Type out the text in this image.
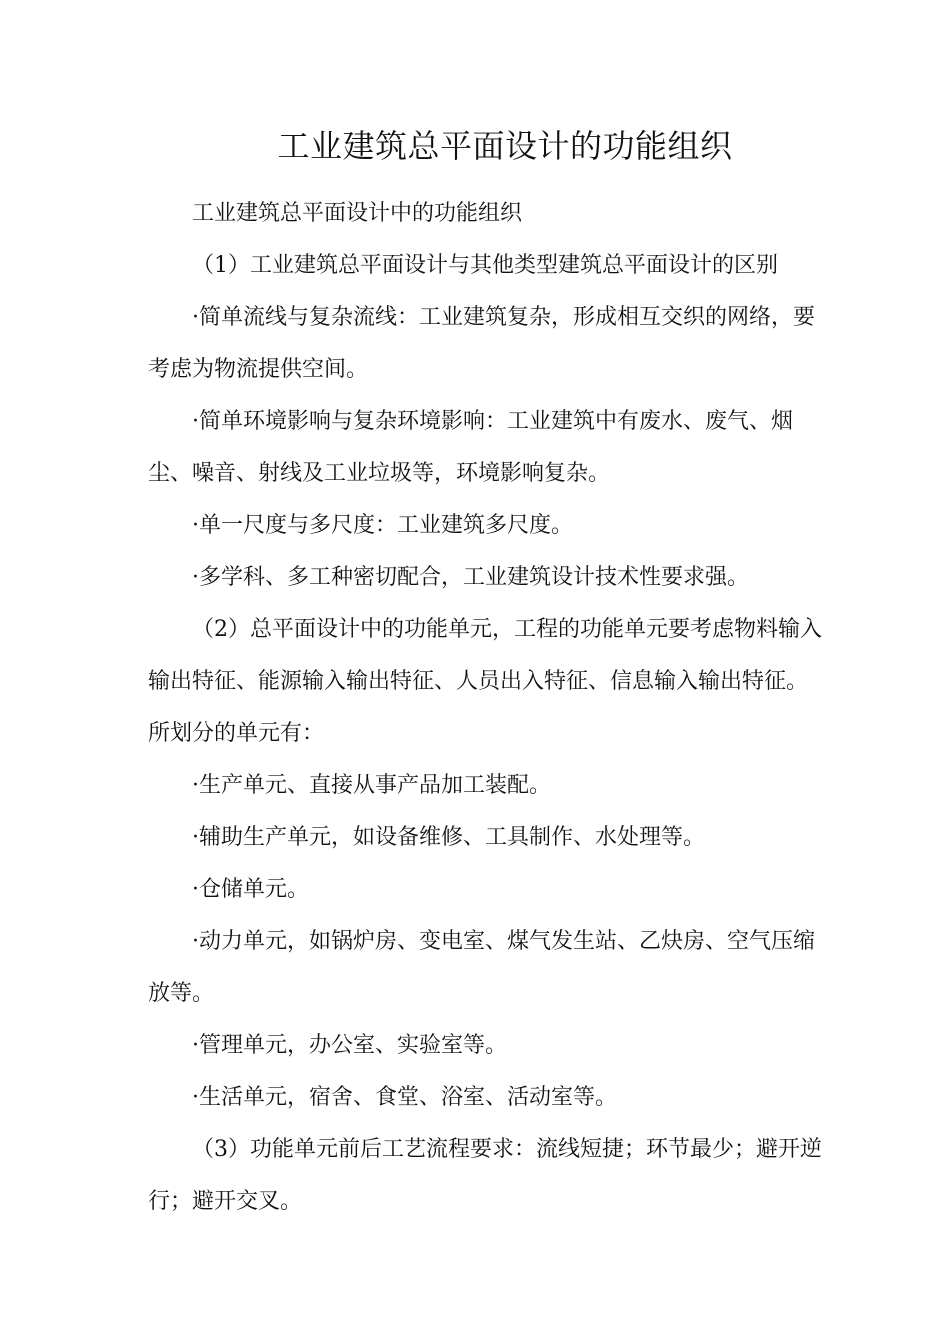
工业建筑总平面设计的功能组织

工业建筑总平面设计中的功能组织

（1）工业建筑总平面设计与其他类型建筑总平面设计的区别

·简单流线与复杂流线：工业建筑复杂，形成相互交织的网络，要考虑为物流提供空间。

·简单环境影响与复杂环境影响：工业建筑中有废水、废气、烟尘、噪音、射线及工业垃圾等，环境影响复杂。

·单一尺度与多尺度：工业建筑多尺度。

·多学科、多工种密切配合，工业建筑设计技术性要求强。

（2）总平面设计中的功能单元，工程的功能单元要考虑物料输入输出特征、能源输入输出特征、人员出入特征、信息输入输出特征。所划分的单元有：

·生产单元、直接从事产品加工装配。

·辅助生产单元，如设备维修、工具制作、水处理等。

·仓储单元。

·动力单元，如锅炉房、变电室、煤气发生站、乙炔房、空气压缩放等。

·管理单元，办公室、实验室等。

·生活单元，宿舍、食堂、浴室、活动室等。

（3）功能单元前后工艺流程要求：流线短捷；环节最少；避开逆行；避开交叉。
